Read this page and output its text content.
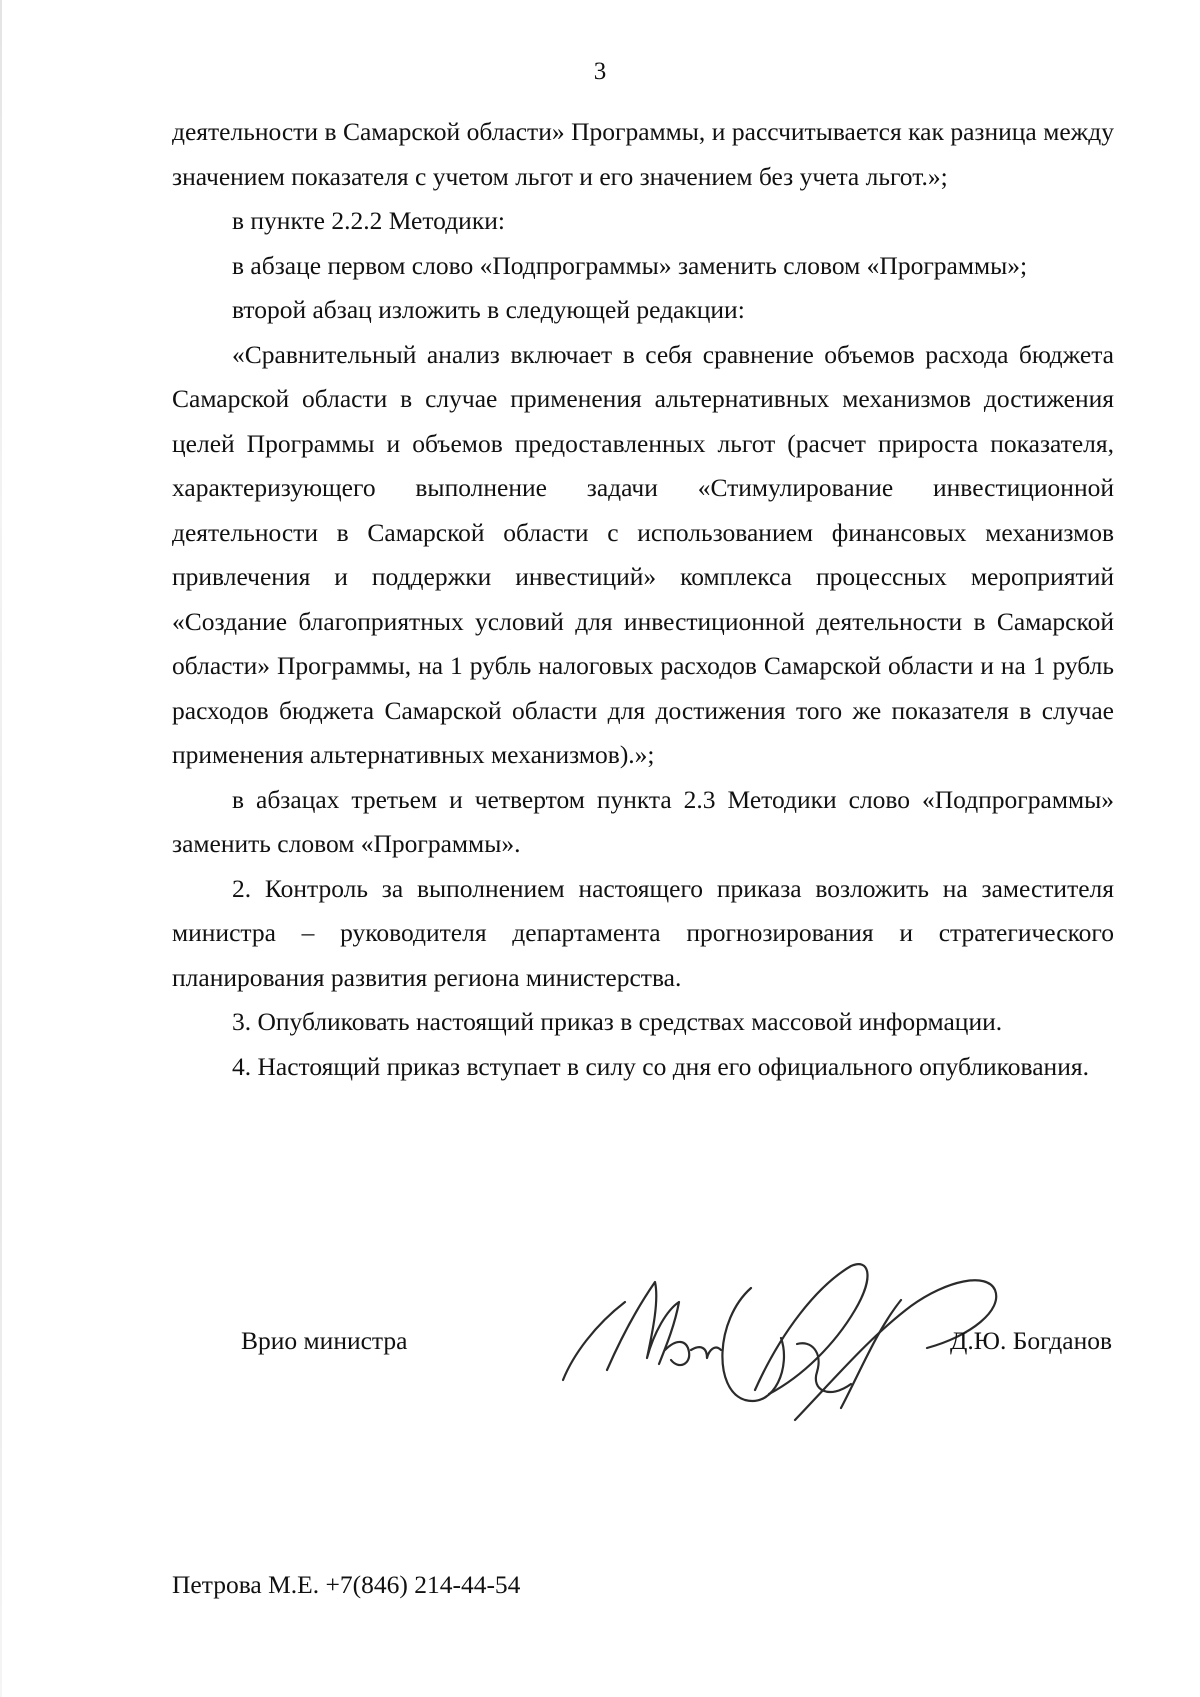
3

деятельности в Самарской области» Программы, и рассчитывается как разница между значением показателя с учетом льгот и его значением без учета льгот.»;

в пункте 2.2.2 Методики:

в абзаце первом слово «Подпрограммы» заменить словом «Программы»;

второй абзац изложить в следующей редакции:

«Сравнительный анализ включает в себя сравнение объемов расхода бюджета Самарской области в случае применения альтернативных механизмов достижения целей Программы и объемов предоставленных льгот (расчет прироста показателя, характеризующего выполнение задачи «Стимулирование инвестиционной деятельности в Самарской области с использованием финансовых механизмов привлечения и поддержки инвестиций» комплекса процессных мероприятий «Создание благоприятных условий для инвестиционной деятельности в Самарской области» Программы, на 1 рубль налоговых расходов Самарской области и на 1 рубль расходов бюджета Самарской области для достижения того же показателя в случае применения альтернативных механизмов).»;

в абзацах третьем и четвертом пункта 2.3 Методики слово «Подпрограммы» заменить словом «Программы».

2. Контроль за выполнением настоящего приказа возложить на заместителя министра – руководителя департамента прогнозирования и стратегического планирования развития региона министерства.

3. Опубликовать настоящий приказ в средствах массовой информации.

4. Настоящий приказ вступает в силу со дня его официального опубликования.

Врио министра	Д.Ю. Богданов
Петрова М.Е. +7(846) 214-44-54
